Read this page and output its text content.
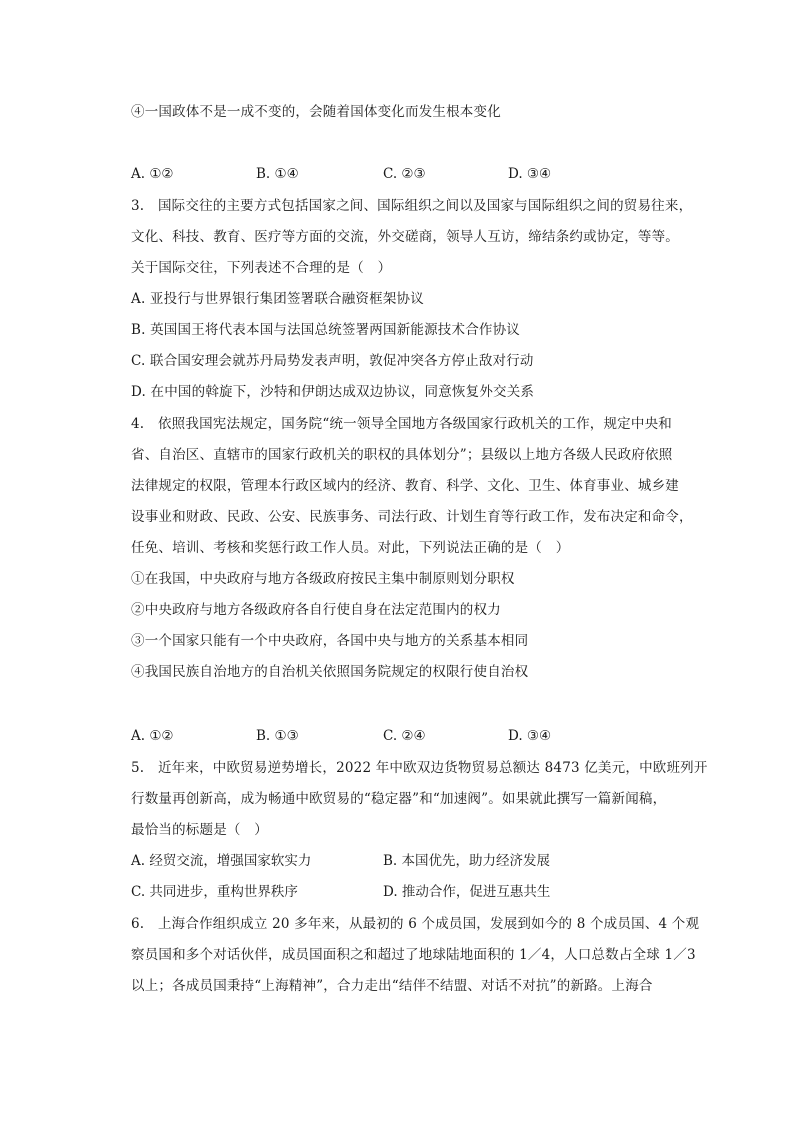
④一国政体不是一成不变的，会随着国体变化而发生根本变化
A. ①②	B. ①④	C. ②③	D. ③④
3.　国际交往的主要方式包括国家之间、国际组织之间以及国家与国际组织之间的贸易往来，
文化、科技、教育、医疗等方面的交流，外交磋商，领导人互访，缔结条约或协定，等等。
关于国际交往，下列表述不合理的是（　）
A. 亚投行与世界银行集团签署联合融资框架协议
B. 英国国王将代表本国与法国总统签署两国新能源技术合作协议
C. 联合国安理会就苏丹局势发表声明，敦促冲突各方停止敌对行动
D. 在中国的斡旋下，沙特和伊朗达成双边协议，同意恢复外交关系
4.　依照我国宪法规定，国务院“统一领导全国地方各级国家行政机关的工作，规定中央和
省、自治区、直辖市的国家行政机关的职权的具体划分”；县级以上地方各级人民政府依照
法律规定的权限，管理本行政区域内的经济、教育、科学、文化、卫生、体育事业、城乡建
设事业和财政、民政、公安、民族事务、司法行政、计划生育等行政工作，发布决定和命令，
任免、培训、考核和奖惩行政工作人员。对此，下列说法正确的是（　）
①在我国，中央政府与地方各级政府按民主集中制原则划分职权
②中央政府与地方各级政府各自行使自身在法定范围内的权力
③一个国家只能有一个中央政府，各国中央与地方的关系基本相同
④我国民族自治地方的自治机关依照国务院规定的权限行使自治权
A. ①②	B. ①③	C. ②④	D. ③④
5.　近年来，中欧贸易逆势增长，2022 年中欧双边货物贸易总额达 8473 亿美元，中欧班列开
行数量再创新高，成为畅通中欧贸易的“稳定器”和“加速阀”。如果就此撰写一篇新闻稿，
最恰当的标题是（　）
A. 经贸交流，增强国家软实力	B. 本国优先，助力经济发展
C. 共同进步，重构世界秩序	D. 推动合作，促进互惠共生
6.　上海合作组织成立 20 多年来，从最初的 6 个成员国，发展到如今的 8 个成员国、4 个观
察员国和多个对话伙伴，成员国面积之和超过了地球陆地面积的 1／4，人口总数占全球 1／3
以上；各成员国秉持“上海精神”，合力走出“结伴不结盟、对话不对抗”的新路。上海合
